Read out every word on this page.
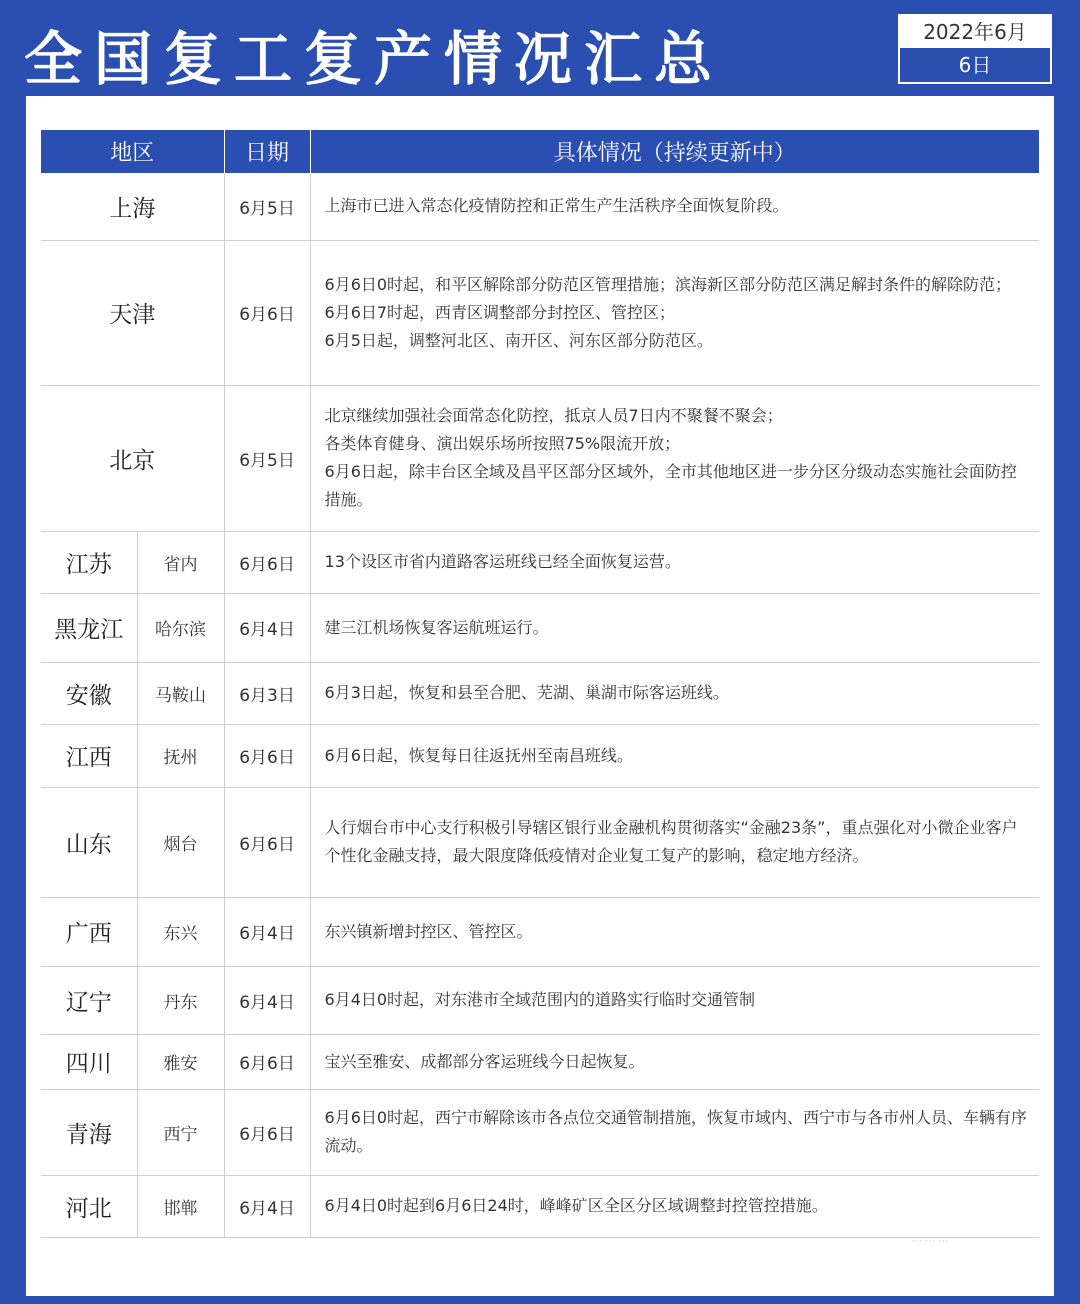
全国复工复产情况汇总	2022年6月
6日
地区		日期	具体情况（持续更新中）
上海		6月5日	上海市已进入常态化疫情防控和正常生产生活秩序全面恢复阶段。

天津		6月6日	6月6日0时起，和平区解除部分防范区管理措施；滨海新区部分防范区满足解封条件的解除防范；
6月6日7时起，西青区调整部分封控区、管控区；
6月5日起，调整河北区、南开区、河东区部分防范区。

北京		6月5日	北京继续加强社会面常态化防控，抵京人员7日内不聚餐不聚会；
各类体育健身、演出娱乐场所按照75%限流开放；
6月6日起，除丰台区全域及昌平区部分区域外，全市其他地区进一步分区分级动态实施社会面防控措施。

江苏	省内	6月6日	13个设区市省内道路客运班线已经全面恢复运营。

黑龙江	哈尔滨	6月4日	建三江机场恢复客运航班运行。

安徽	马鞍山	6月3日	6月3日起，恢复和县至合肥、芜湖、巢湖市际客运班线。

江西	抚州	6月6日	6月6日起，恢复每日往返抚州至南昌班线。

山东	烟台	6月6日	人行烟台市中心支行积极引导辖区银行业金融机构贯彻落实“金融23条”，重点强化对小微企业客户个性化金融支持，最大限度降低疫情对企业复工复产的影响，稳定地方经济。

广西	东兴	6月4日	东兴镇新增封控区、管控区。

辽宁	丹东	6月4日	6月4日0时起，对东港市全域范围内的道路实行临时交通管制

四川	雅安	6月6日	宝兴至雅安、成都部分客运班线今日起恢复。

青海	西宁	6月6日	6月6日0时起，西宁市解除该市各点位交通管制措施，恢复市域内、西宁市与各市州人员、车辆有序流动。

河北	邯郸	6月4日	6月4日0时起到6月6日24时，峰峰矿区全区分区域调整封控管控措施。
⋯ ⋯ ⋯
